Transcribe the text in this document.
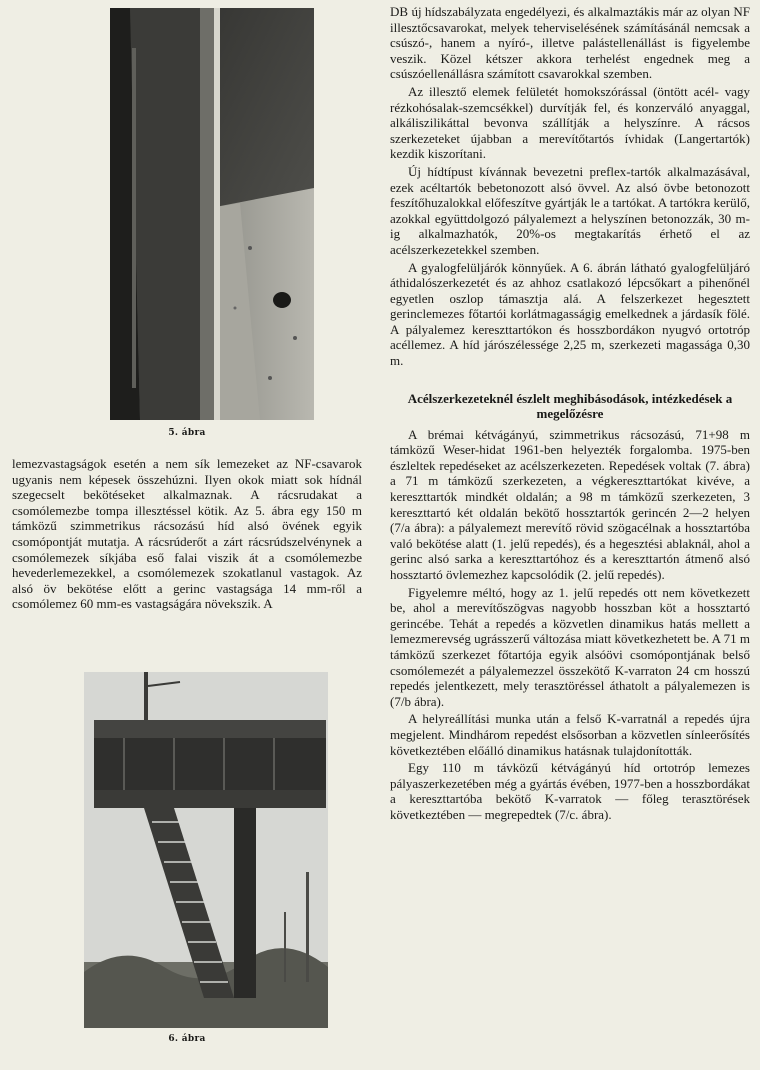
5. ábra

lemezvastagságok esetén a nem sík lemezeket az NF-csavarok ugyanis nem képesek összehúzni. Ilyen okok miatt sok hídnál szegecselt bekötéseket alkalmaznak. A rácsrudakat a csomólemezbe tompa illesztéssel kötik. Az 5. ábra egy 150 m támközű szimmetrikus rácsozású híd alsó övének egyik csomópontját mutatja. A rácsrúderőt a zárt rácsrúdszelvénynek a csomólemezek síkjába eső falai viszik át a csomólemezbe hevederlemezekkel, a csomólemezek szokatlanul vastagok. Az alsó öv bekötése előtt a gerinc vastagsága 14 mm-ről a csomólemez 60 mm-es vastagságára növekszik. A

6. ábra

DB új hídszabályzata engedélyezi, és alkalmaztákis már az olyan NF illesztőcsavarokat, melyek teherviselésének számításánál nemcsak a csúszó-, hanem a nyíró-, illetve palástellenállást is figyelembe veszik. Közel kétszer akkora terhelést engednek meg a csúszóellenállásra számított csavarokkal szemben.

Az illesztő elemek felületét homokszórással (öntött acél- vagy rézkohósalak-szemcsékkel) durvítják fel, és konzerváló anyaggal, alkáliszilikáttal bevonva szállítják a helyszínre. A rácsos szerkezeteket újabban a merevítőtartós ívhidak (Langertartók) kezdik kiszorítani.

Új hídtípust kívánnak bevezetni preflex-tartók alkalmazásával, ezek acéltartók bebetonozott alsó övvel. Az alsó övbe betonozott feszítőhuzalokkal előfeszítve gyártják le a tartókat. A tartókra kerülő, azokkal együttdolgozó pályalemezt a helyszínen betonozzák, 30 m-ig alkalmazhatók, 20%-os megtakarítás érhető el az acélszerkezetekkel szemben.

A gyalogfelüljárók könnyűek. A 6. ábrán látható gyalogfelüljáró áthidalószerkezetét és az ahhoz csatlakozó lépcsőkart a pihenőnél egyetlen oszlop támasztja alá. A felszerkezet hegesztett gerinclemezes főtartói korlátmagasságig emelkednek a járdasík fölé. A pályalemez kereszttartókon és hosszbordákon nyugvó ortotróp acéllemez. A híd járószélessége 2,25 m, szerkezeti magassága 0,30 m.

Acélszerkezeteknél észlelt meghibásodások, intézkedések a megelőzésre

A brémai kétvágányú, szimmetrikus rácsozású, 71+98 m támközű Weser-hidat 1961-ben helyezték forgalomba. 1975-ben észleltek repedéseket az acélszerkezeten. Repedések voltak (7. ábra) a 71 m támközű szerkezeten, a végkereszttartókat kivéve, a kereszttartók mindkét oldalán; a 98 m támközű szerkezeten, 3 kereszttartó két oldalán bekötő hossztartók gerincén 2—2 helyen (7/a ábra): a pályalemezt merevítő rövid szögacélnak a hossztartóba való bekötése alatt (1. jelű repedés), és a hegesztési ablaknál, ahol a gerinc alsó sarka a kereszttartóhoz és a kereszttartón átmenő alsó hossztartó övlemezhez kapcsolódik (2. jelű repedés).

Figyelemre méltó, hogy az 1. jelű repedés ott nem következett be, ahol a merevítőszögvas nagyobb hosszban köt a hossztartó gerincébe. Tehát a repedés a közvetlen dinamikus hatás mellett a lemezmerevség ugrásszerű változása miatt következhetett be. A 71 m támközű szerkezet főtartója egyik alsóövi csomópontjának belső csomólemezét a pályalemezzel összekötő K-varraton 24 cm hosszú repedés jelentkezett, mely terasztöréssel áthatolt a pályalemezen is (7/b ábra).

A helyreállítási munka után a felső K-varratnál a repedés újra megjelent. Mindhárom repedést elsősorban a közvetlen sínleerősítés következtében előálló dinamikus hatásnak tulajdonították.

Egy 110 m távközű kétvágányú híd ortotróp lemezes pályaszerkezetében még a gyártás évében, 1977-ben a hosszbordákat a kereszttartóba bekötő K-varratok — főleg terasztörések következtében — megrepedtek (7/c. ábra).
